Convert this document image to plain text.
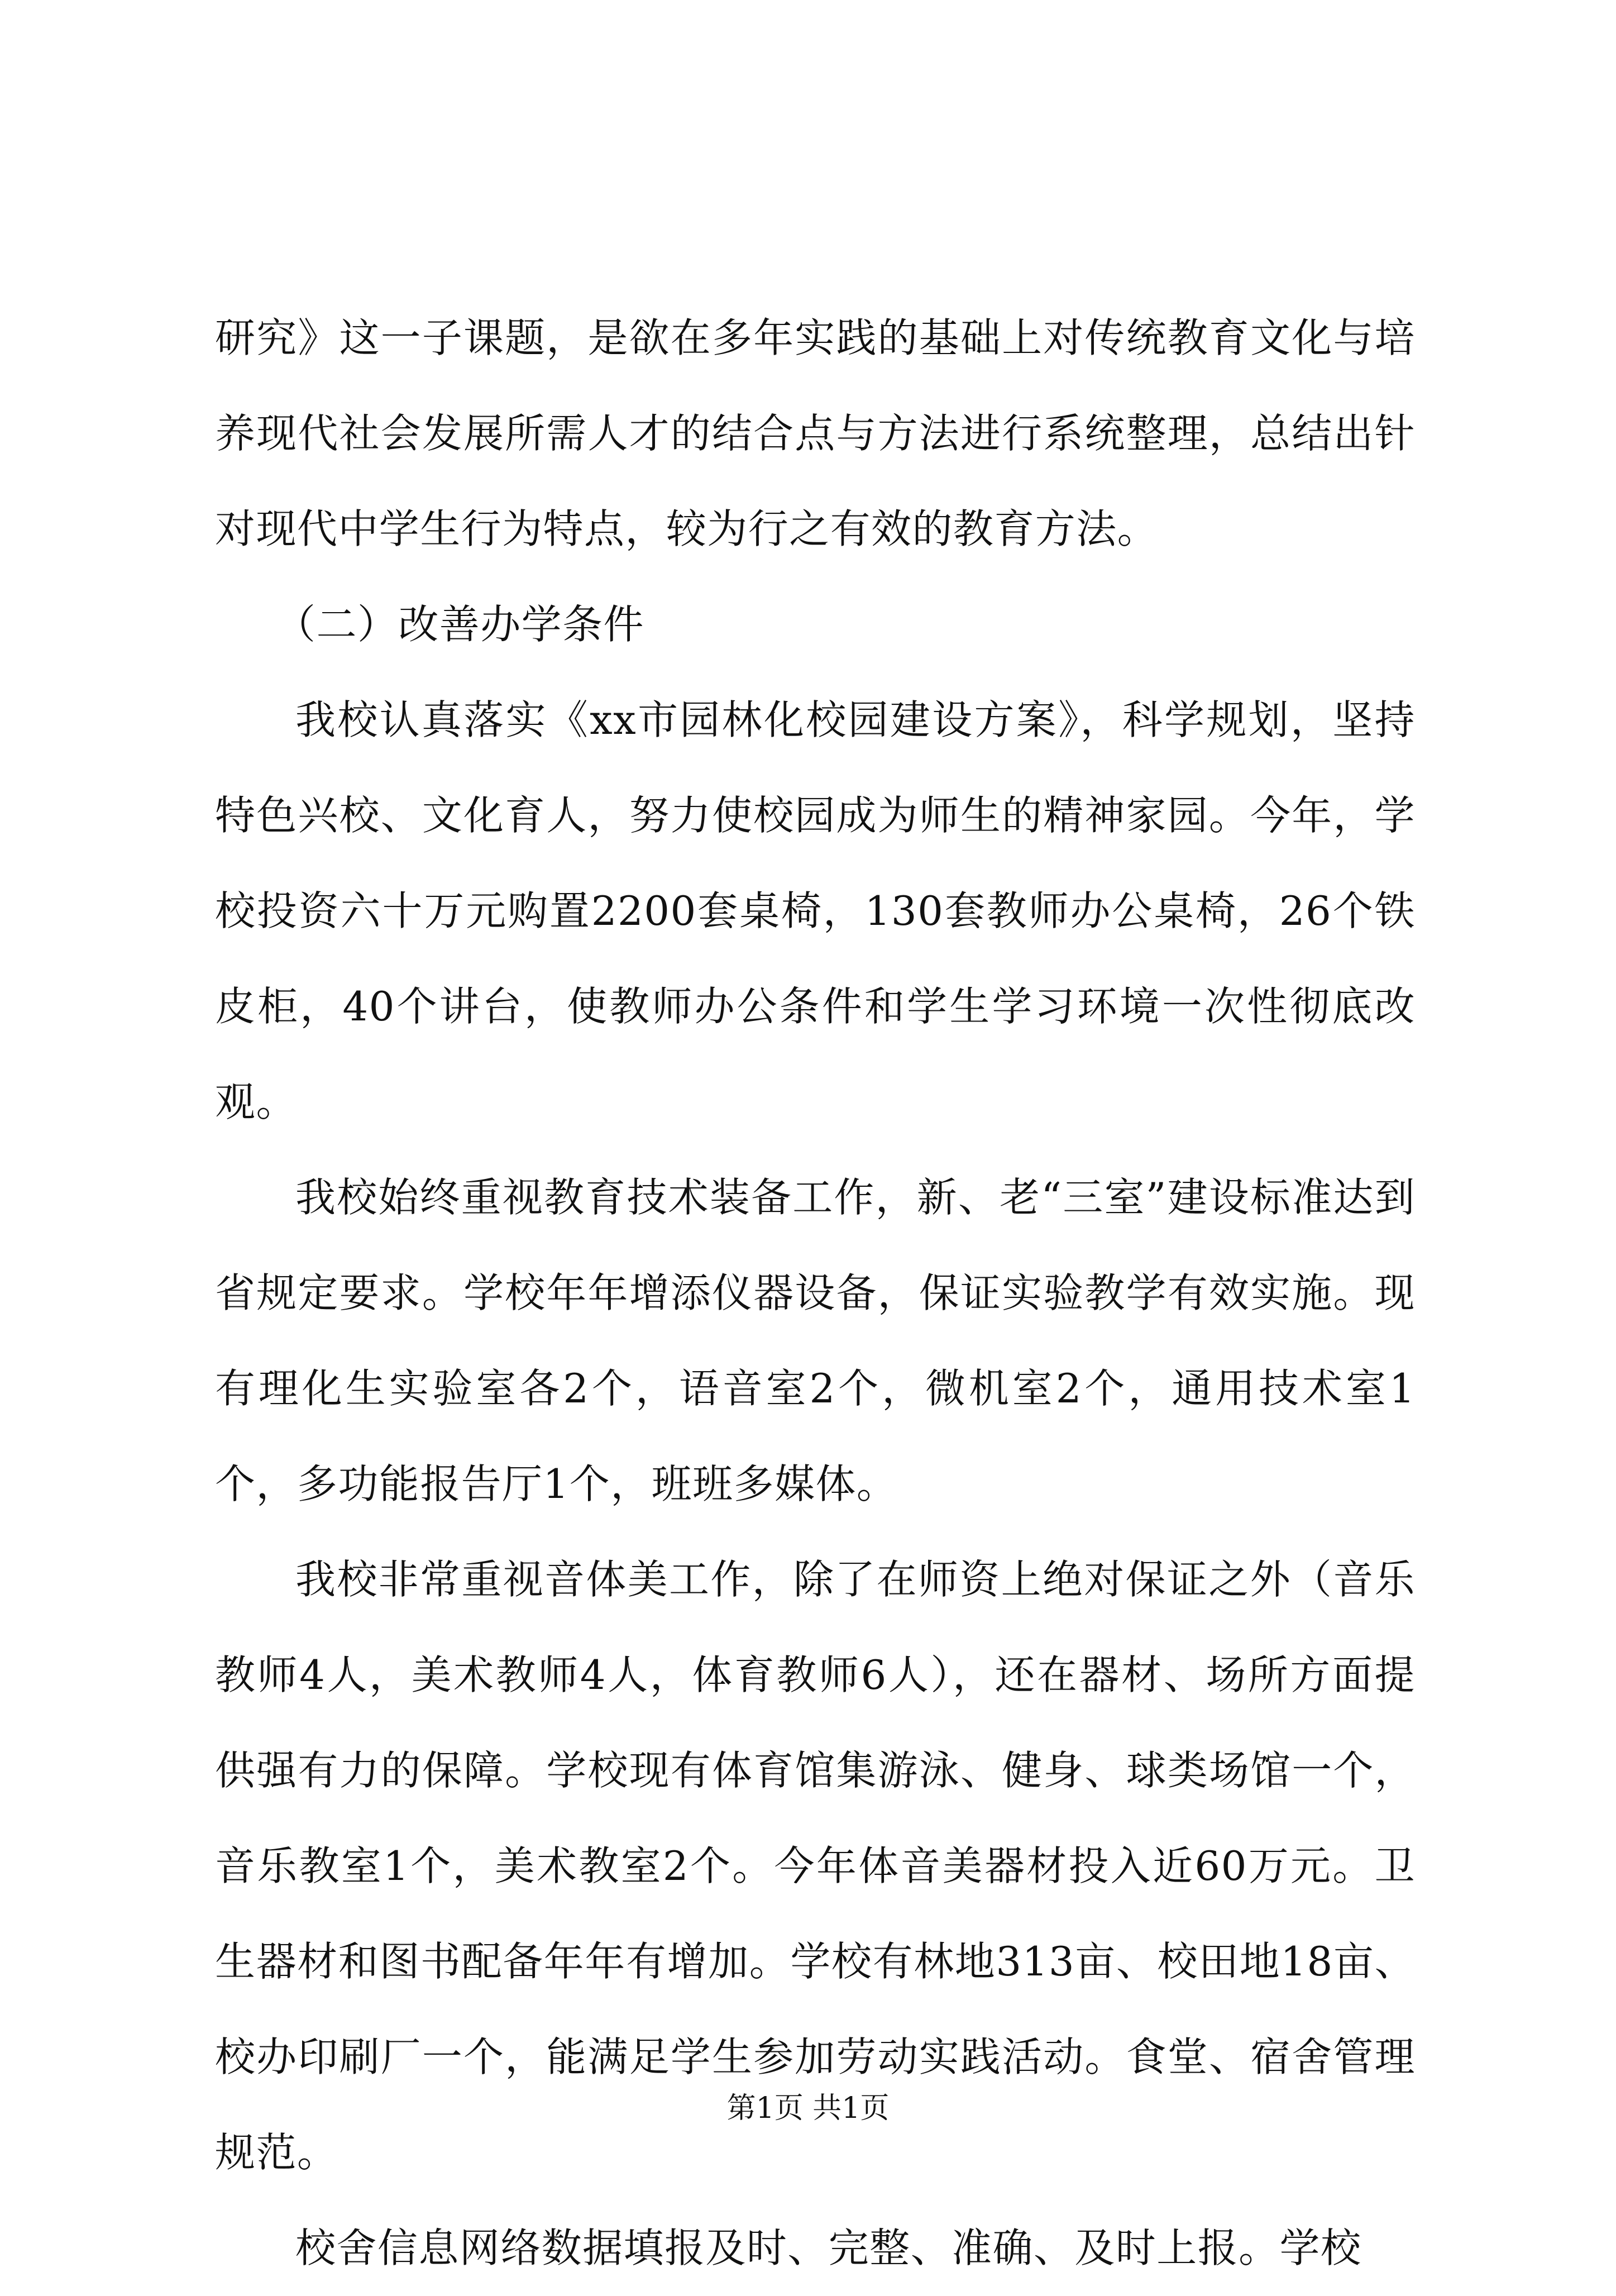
研究》这一子课题，是欲在多年实践的基础上对传统教育文化与培养现代社会发展所需人才的结合点与方法进行系统整理，总结出针对现代中学生行为特点，较为行之有效的教育方法。

（二）改善办学条件

我校认真落实《xx市园林化校园建设方案》，科学规划，坚持特色兴校、文化育人，努力使校园成为师生的精神家园。今年，学校投资六十万元购置2200套桌椅，130套教师办公桌椅，26个铁皮柜，40个讲台，使教师办公条件和学生学习环境一次性彻底改观。

我校始终重视教育技术装备工作，新、老“三室”建设标准达到省规定要求。学校年年增添仪器设备，保证实验教学有效实施。现有理化生实验室各2个，语音室2个，微机室2个，通用技术室1个，多功能报告厅1个，班班多媒体。

我校非常重视音体美工作，除了在师资上绝对保证之外（音乐教师4人，美术教师4人，体育教师6人），还在器材、场所方面提供强有力的保障。学校现有体育馆集游泳、健身、球类场馆一个，音乐教室1个，美术教室2个。今年体音美器材投入近60万元。卫生器材和图书配备年年有增加。学校有林地313亩、校田地18亩、校办印刷厂一个，能满足学生参加劳动实践活动。食堂、宿舍管理规范。

校舍信息网络数据填报及时、完整、准确、及时上报。学校

第1页 共1页
